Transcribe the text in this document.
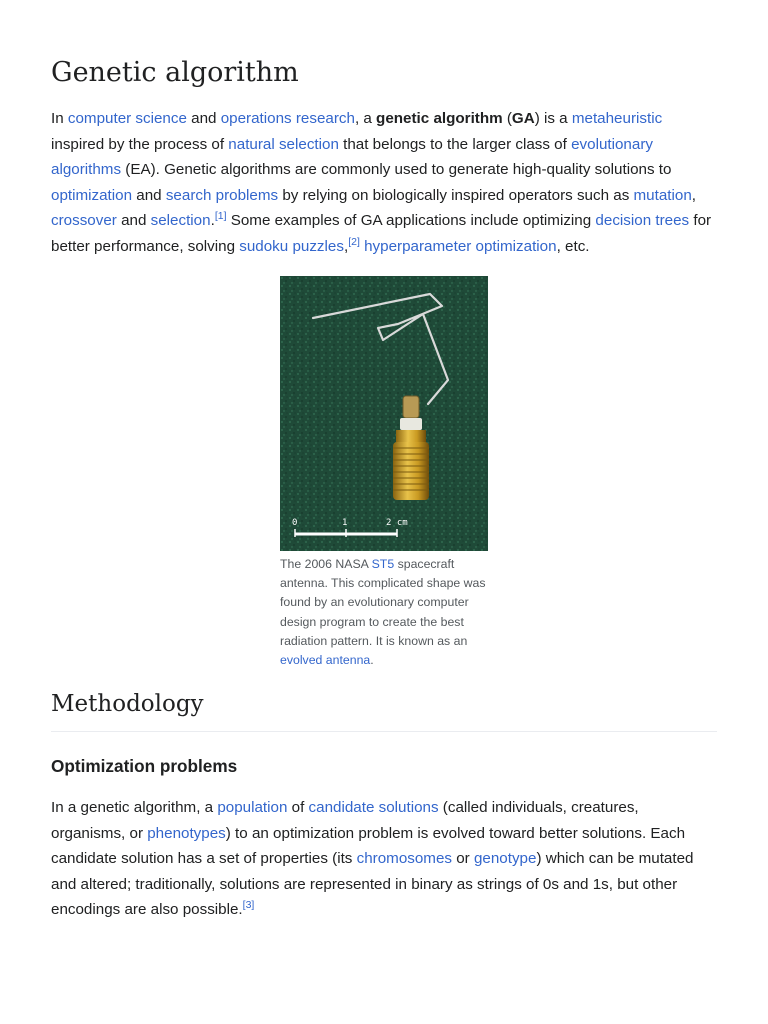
Genetic algorithm

In computer science and operations research, a genetic algorithm (GA) is a metaheuristic inspired by the process of natural selection that belongs to the larger class of evolutionary algorithms (EA). Genetic algorithms are commonly used to generate high-quality solutions to optimization and search problems by relying on biologically inspired operators such as mutation, crossover and selection.[1] Some examples of GA applications include optimizing decision trees for better performance, solving sudoku puzzles,[2] hyperparameter optimization, etc.

0	1	2 cm
The 2006 NASA ST5 spacecraft antenna. This complicated shape was found by an evolutionary computer design program to create the best radiation pattern. It is known as an evolved antenna.
Methodology
Optimization problems

In a genetic algorithm, a population of candidate solutions (called individuals, creatures, organisms, or phenotypes) to an optimization problem is evolved toward better solutions. Each candidate solution has a set of properties (its chromosomes or genotype) which can be mutated and altered; traditionally, solutions are represented in binary as strings of 0s and 1s, but other encodings are also possible.[3]
